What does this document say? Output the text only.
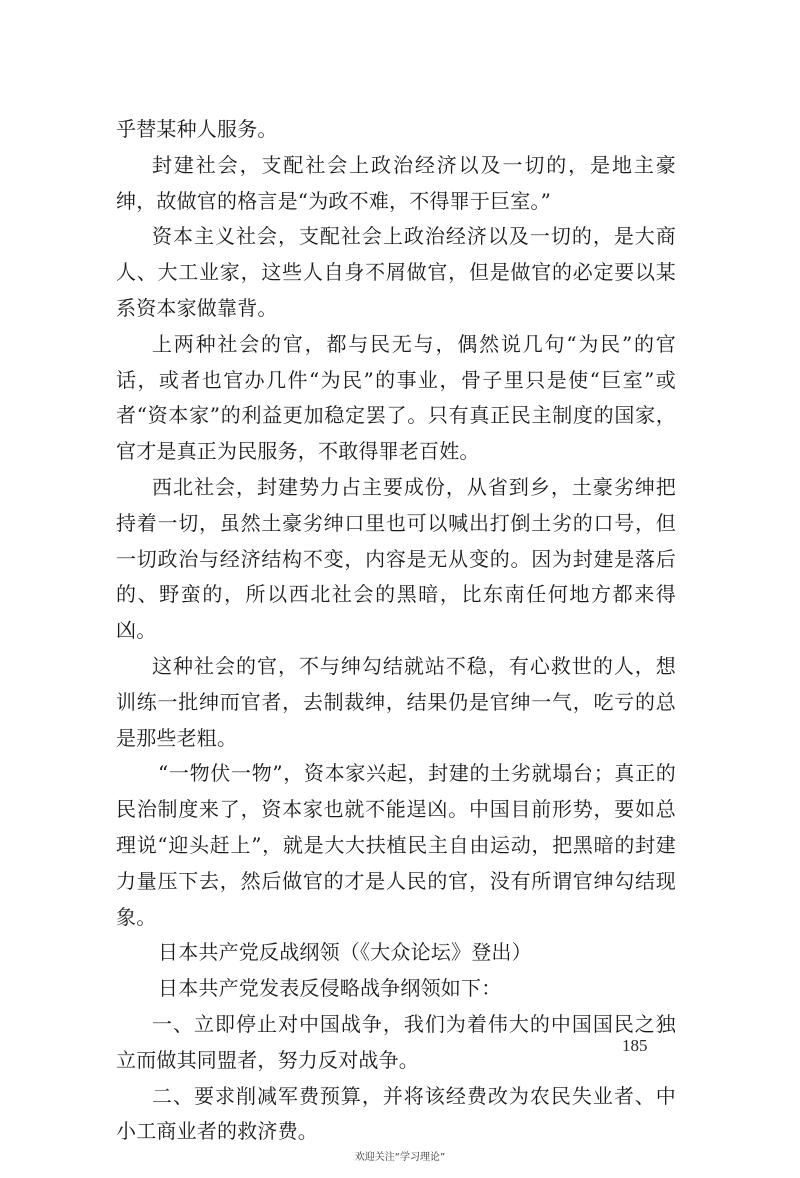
乎替某种人服务。

封建社会，支配社会上政治经济以及一切的，是地主豪绅，故做官的格言是“为政不难，不得罪于巨室。”

资本主义社会，支配社会上政治经济以及一切的，是大商人、大工业家，这些人自身不屑做官，但是做官的必定要以某系资本家做靠背。

上两种社会的官，都与民无与，偶然说几句“为民”的官话，或者也官办几件“为民”的事业，骨子里只是使“巨室”或者“资本家”的利益更加稳定罢了。只有真正民主制度的国家，官才是真正为民服务，不敢得罪老百姓。

西北社会，封建势力占主要成份，从省到乡，土豪劣绅把持着一切，虽然土豪劣绅口里也可以喊出打倒土劣的口号，但一切政治与经济结构不变，内容是无从变的。因为封建是落后的、野蛮的，所以西北社会的黑暗，比东南任何地方都来得凶。

这种社会的官，不与绅勾结就站不稳，有心救世的人，想训练一批绅而官者，去制裁绅，结果仍是官绅一气，吃亏的总是那些老粗。

“一物伏一物”，资本家兴起，封建的土劣就塌台；真正的民治制度来了，资本家也就不能逞凶。中国目前形势，要如总理说“迎头赶上”，就是大大扶植民主自由运动，把黑暗的封建力量压下去，然后做官的才是人民的官，没有所谓官绅勾结现象。

日本共产党反战纲领（《大众论坛》登出）

日本共产党发表反侵略战争纲领如下：

一、立即停止对中国战争，我们为着伟大的中国国民之独立而做其同盟者，努力反对战争。

二、要求削减军费预算，并将该经费改为农民失业者、中小工商业者的救济费。

185
欢迎关注“学习理论”
